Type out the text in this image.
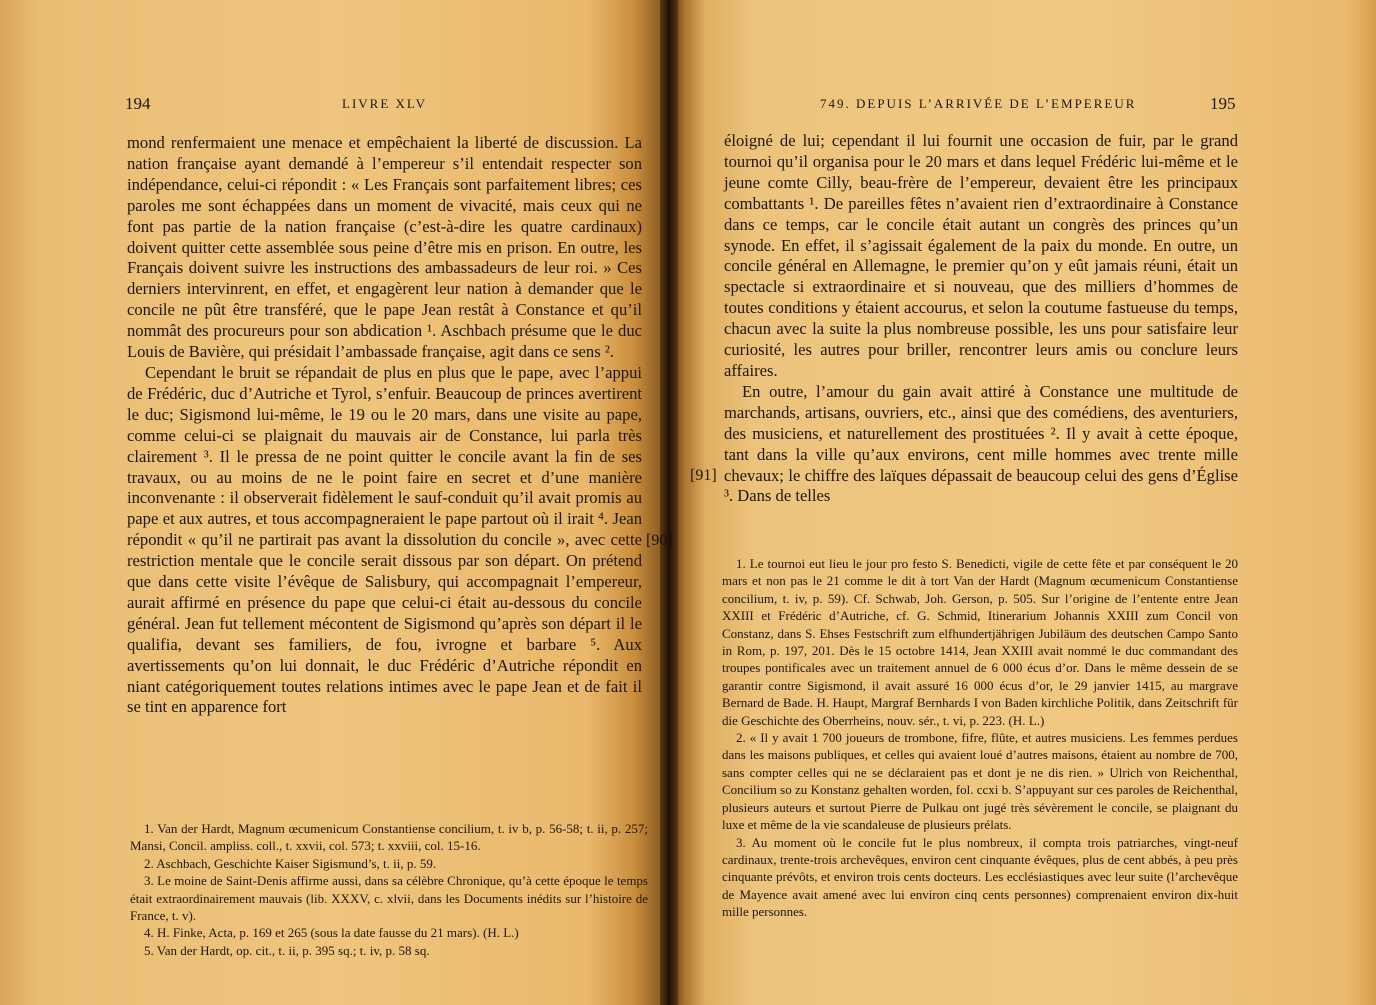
194	LIVRE XLV

mond renfermaient une menace et empêchaient la liberté de discussion. La nation française ayant demandé à l’empereur s’il entendait respecter son indépendance, celui-ci répondit : « Les Français sont parfaitement libres; ces paroles me sont échappées dans un moment de vivacité, mais ceux qui ne font pas partie de la nation française (c’est-à-dire les quatre cardinaux) doivent quitter cette assemblée sous peine d’être mis en prison. En outre, les Français doivent suivre les instructions des ambassadeurs de leur roi. » Ces derniers intervinrent, en effet, et engagèrent leur nation à demander que le concile ne pût être transféré, que le pape Jean restât à Constance et qu’il nommât des procureurs pour son abdication ¹. Aschbach présume que le duc Louis de Bavière, qui présidait l’ambassade française, agit dans ce sens ².

Cependant le bruit se répandait de plus en plus que le pape, avec l’appui de Frédéric, duc d’Autriche et Tyrol, s’enfuir. Beaucoup de princes avertirent le duc; Sigismond lui-même, le 19 ou le 20 mars, dans une visite au pape, comme celui-ci se plaignait du mauvais air de Constance, lui parla très clairement ³. Il le pressa de ne point quitter le concile avant la fin de ses travaux, ou au moins de ne le point faire en secret et d’une manière inconvenante : il observerait fidèlement le sauf-conduit qu’il avait promis au pape et aux autres, et tous accompagneraient le pape partout où il irait ⁴. Jean répondit « qu’il ne partirait pas avant la dissolution du concile », avec cette restriction mentale que le concile serait dissous par son départ. On prétend que dans cette visite l’évêque de Salisbury, qui accompagnait l’empereur, aurait affirmé en présence du pape que celui-ci était au-dessous du concile général. Jean fut tellement mécontent de Sigismond qu’après son départ il le qualifia, devant ses familiers, de fou, ivrogne et barbare ⁵. Aux avertissements qu’on lui donnait, le duc Frédéric d’Autriche répondit en niant catégoriquement toutes relations intimes avec le pape Jean et de fait il se tint en apparence fort

1. Van der Hardt, Magnum œcumenicum Constantiense concilium, t. iv b, p. 56-58; t. ii, p. 257; Mansi, Concil. ampliss. coll., t. xxvii, col. 573; t. xxviii, col. 15-16.

2. Aschbach, Geschichte Kaiser Sigismund’s, t. ii, p. 59.

3. Le moine de Saint-Denis affirme aussi, dans sa célèbre Chronique, qu’à cette époque le temps était extraordinairement mauvais (lib. XXXV, c. xlvii, dans les Documents inédits sur l’histoire de France, t. v).

4. H. Finke, Acta, p. 169 et 265 (sous la date fausse du 21 mars). (H. L.)

5. Van der Hardt, op. cit., t. ii, p. 395 sq.; t. iv, p. 58 sq.

749. DEPUIS L’ARRIVÉE DE L’EMPEREUR	195

éloigné de lui; cependant il lui fournit une occasion de fuir, par le grand tournoi qu’il organisa pour le 20 mars et dans lequel Frédéric lui-même et le jeune comte Cilly, beau-frère de l’empereur, devaient être les principaux combattants ¹. De pareilles fêtes n’avaient rien d’extraordinaire à Constance dans ce temps, car le concile était autant un congrès des princes qu’un synode. En effet, il s’agissait également de la paix du monde. En outre, un concile général en Allemagne, le premier qu’on y eût jamais réuni, était un spectacle si extraordinaire et si nouveau, que des milliers d’hommes de toutes conditions y étaient accourus, et selon la coutume fastueuse du temps, chacun avec la suite la plus nombreuse possible, les uns pour satisfaire leur curiosité, les autres pour briller, rencontrer leurs amis ou conclure leurs affaires.

En outre, l’amour du gain avait attiré à Constance une multitude de marchands, artisans, ouvriers, etc., ainsi que des comédiens, des aventuriers, des musiciens, et naturellement des prostituées ². Il y avait à cette époque, tant dans la ville qu’aux environs, cent mille hommes avec trente mille chevaux; le chiffre des laïques dépassait de beaucoup celui des gens d’Église ³. Dans de telles

[91]

1. Le tournoi eut lieu le jour pro festo S. Benedicti, vigile de cette fête et par conséquent le 20 mars et non pas le 21 comme le dit à tort Van der Hardt (Magnum œcumenicum Constantiense concilium, t. iv, p. 59). Cf. Schwab, Joh. Gerson, p. 505. Sur l’origine de l’entente entre Jean XXIII et Frédéric d’Autriche, cf. G. Schmid, Itinerarium Johannis XXIII zum Concil von Constanz, dans S. Ehses Festschrift zum elfhundertjährigen Jubiläum des deutschen Campo Santo in Rom, p. 197, 201. Dès le 15 octobre 1414, Jean XXIII avait nommé le duc commandant des troupes pontificales avec un traitement annuel de 6 000 écus d’or. Dans le même dessein de se garantir contre Sigismond, il avait assuré 16 000 écus d’or, le 29 janvier 1415, au margrave Bernard de Bade. H. Haupt, Margraf Bernhards I von Baden kirchliche Politik, dans Zeitschrift für die Geschichte des Oberrheins, nouv. sér., t. vi, p. 223. (H. L.)

2. « Il y avait 1 700 joueurs de trombone, fifre, flûte, et autres musiciens. Les femmes perdues dans les maisons publiques, et celles qui avaient loué d’autres maisons, étaient au nombre de 700, sans compter celles qui ne se déclaraient pas et dont je ne dis rien. » Ulrich von Reichenthal, Concilium so zu Konstanz gehalten worden, fol. ccxi b. S’appuyant sur ces paroles de Reichenthal, plusieurs auteurs et surtout Pierre de Pulkau ont jugé très sévèrement le concile, se plaignant du luxe et même de la vie scandaleuse de plusieurs prélats.

3. Au moment où le concile fut le plus nombreux, il compta trois patriarches, vingt-neuf cardinaux, trente-trois archevêques, environ cent cinquante évêques, plus de cent abbés, à peu près cinquante prévôts, et environ trois cents docteurs. Les ecclésiastiques avec leur suite (l’archevêque de Mayence avait amené avec lui environ cinq cents personnes) comprenaient environ dix-huit mille personnes.

[90]
